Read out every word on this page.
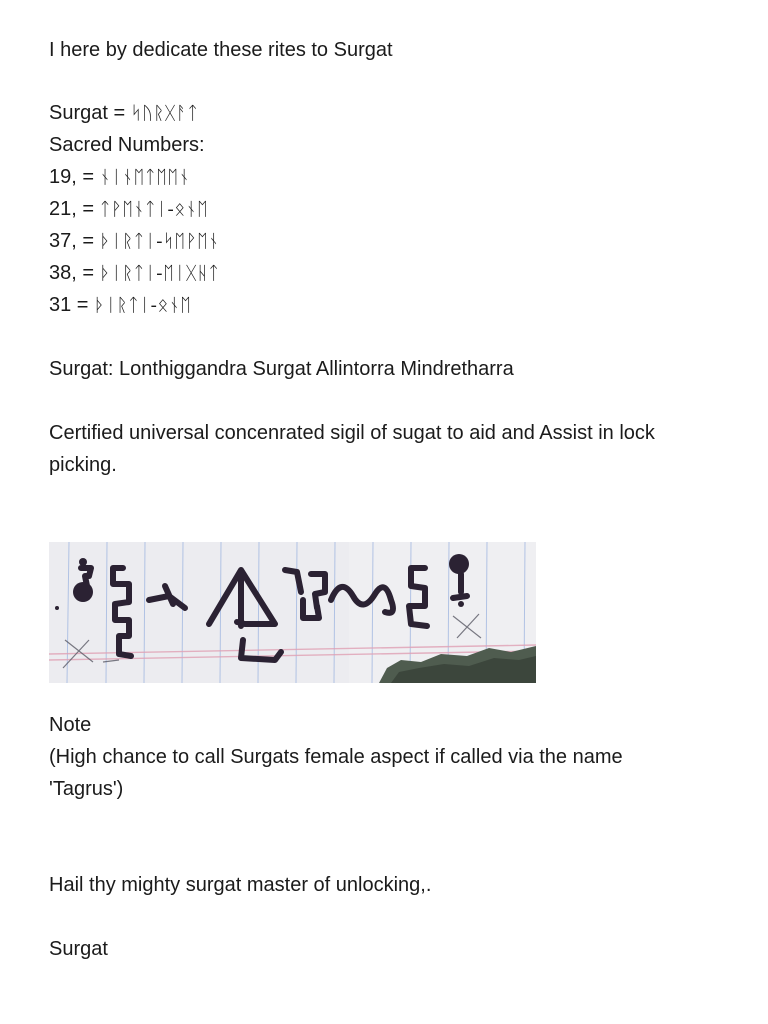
I here by dedicate these rites to Surgat
Surgat = ᛋᚢᚱᚷᚨᛏ
Sacred Numbers:
19, = ᚾᛁᚾᛖᛏᛖᛖᚾ
21, = ᛏᚹᛖᚾᛏᛁ-ᛟᚾᛖ
37, = ᚦᛁᚱᛏᛁ-ᛋᛖᚹᛖᚾ
38, = ᚦᛁᚱᛏᛁ-ᛖᛁᚷᚺᛏ
31 = ᚦᛁᚱᛏᛁ-ᛟᚾᛖ
Surgat: Lonthiggandra Surgat Allintorra Mindretharra
Certified universal concenrated sigil of sugat to aid and Assist in lock
picking.
Note
(High chance to call Surgats female aspect if called via the name
'Tagrus')
Hail thy mighty surgat master of unlocking,.
Surgat
